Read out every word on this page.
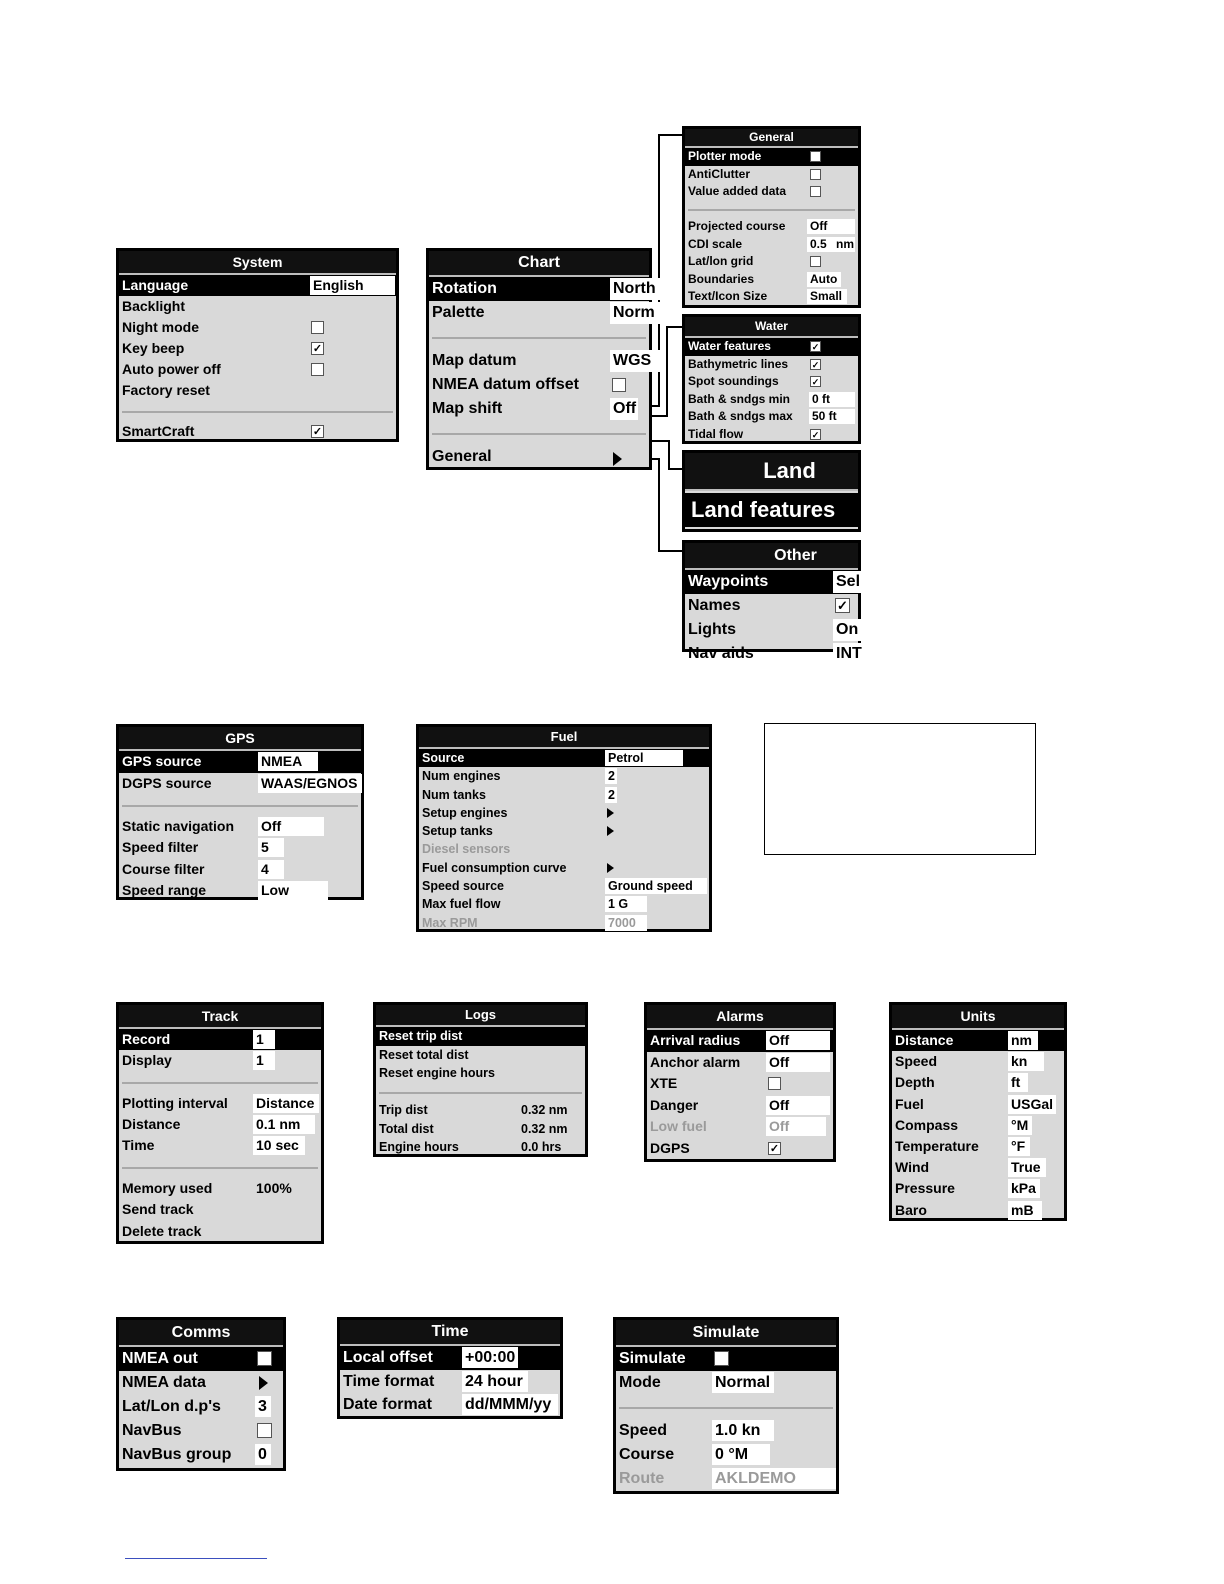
System
Language	English
Backlight
Night mode
Key beep	✓
Auto power off
Factory reset
SmartCraft	✓
Chart
Rotation	North
Palette	Norm
Map datum	WGS
NMEA datum offset
Map shift	Off
General
General
Plotter mode
AntiClutter
Value added data
Projected course Off
CDI scale	0.5 nm
Lat/lon grid
Boundaries	Auto
Text/Icon Size	Small
Water
Water features	✓
Bathymetric lines	✓
Spot soundings	✓
Bath & sndgs min 0 ft
Bath & sndgs max 50 ft
Tidal flow	✓
Land
Land features
Other
Waypoints	Sel
Names	✓
Lights	On
Nav aids	INT
GPS
GPS source	NMEA
DGPS source	WAAS/EGNOS
Static navigation Off
Speed filter	5
Course filter	4
Speed range	Low
Fuel
Source	Petrol
Num engines	2
Num tanks	2
Setup engines
Setup tanks
Diesel sensors
Fuel consumption curve
Speed source	Ground speed
Max fuel flow	1 G
Max RPM	7000
Track
Record	1
Display	1
Plotting interval Distance
Distance	0.1 nm
Time	10 sec
Memory used	100%
Send track
Delete track
Logs
Reset trip dist
Reset total dist
Reset engine hours
Trip dist	0.32 nm
Total dist	0.32 nm
Engine hours	0.0 hrs
Alarms
Arrival radius Off
Anchor alarm Off
XTE
Danger	Off
Low fuel	Off
DGPS	✓
Units
Distance	nm
Speed	kn
Depth	ft
Fuel	USGal
Compass	°M
Temperature °F
Wind	True
Pressure	kPa
Baro	mB
Comms
NMEA out
NMEA data
Lat/Lon d.p's 3
NavBus
NavBus group 0
Time
Local offset +00:00
Time format 24 hour
Date format dd/MMM/yy
Simulate
Simulate
Mode	Normal
Speed	1.0 kn
Course	0 °M
Route	AKLDEMO
